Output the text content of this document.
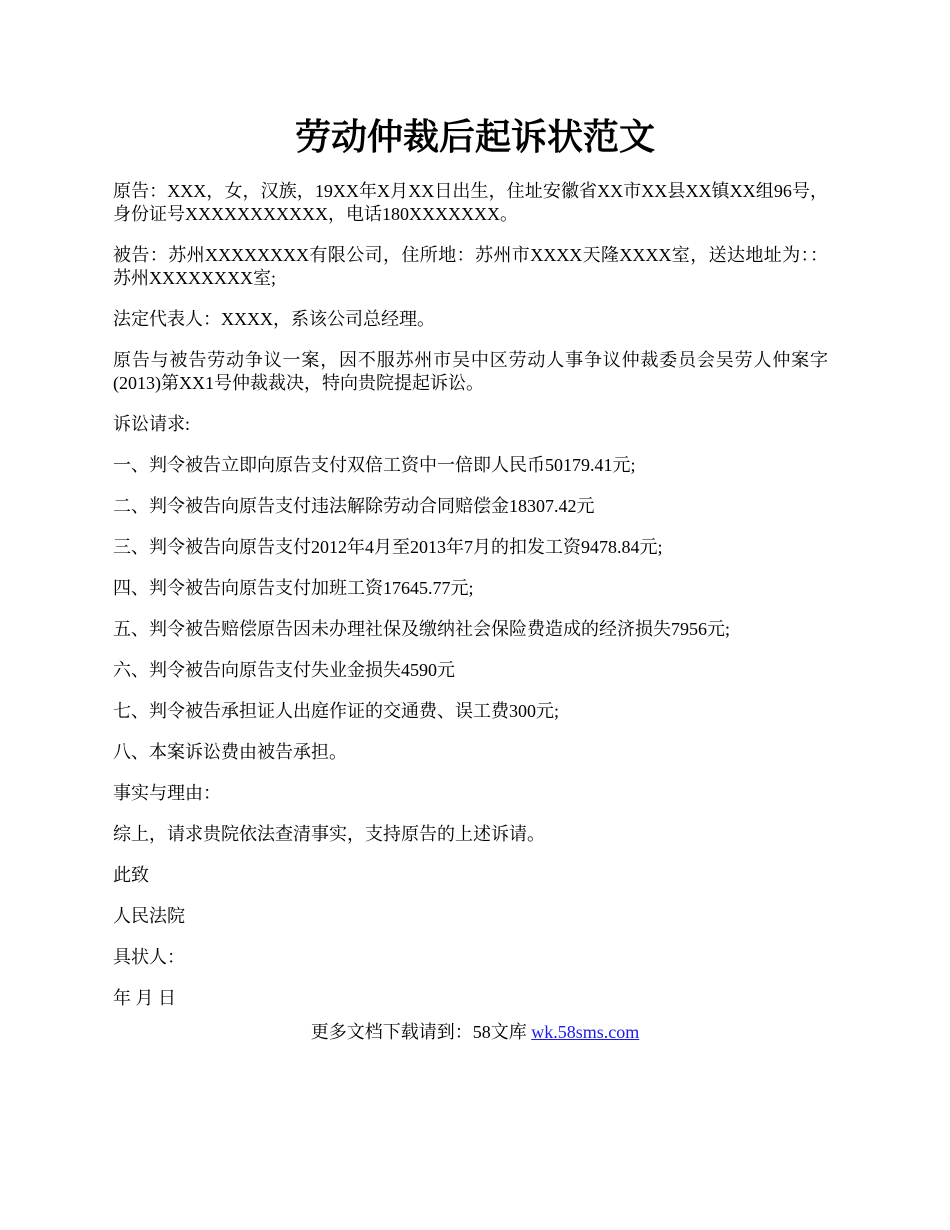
劳动仲裁后起诉状范文

原告：XXX，女，汉族，19XX年X月XX日出生，住址安徽省XX市XX县XX镇XX组96号，身份证号XXXXXXXXXXX，电话180XXXXXXX。

被告：苏州XXXXXXXX有限公司，住所地：苏州市XXXX天隆XXXX室，送达地址为：：苏州XXXXXXXX室;

法定代表人：XXXX，系该公司总经理。

原告与被告劳动争议一案，因不服苏州市吴中区劳动人事争议仲裁委员会吴劳人仲案字(2013)第XX1号仲裁裁决，特向贵院提起诉讼。

诉讼请求:

一、判令被告立即向原告支付双倍工资中一倍即人民币50179.41元;

二、判令被告向原告支付违法解除劳动合同赔偿金18307.42元

三、判令被告向原告支付2012年4月至2013年7月的扣发工资9478.84元;

四、判令被告向原告支付加班工资17645.77元;

五、判令被告赔偿原告因未办理社保及缴纳社会保险费造成的经济损失7956元;

六、判令被告向原告支付失业金损失4590元

七、判令被告承担证人出庭作证的交通费、误工费300元;

八、本案诉讼费由被告承担。

事实与理由：

综上，请求贵院依法查清事实，支持原告的上述诉请。

此致

人民法院

具状人：

年 月 日

更多文档下载请到：58文库 wk.58sms.com
